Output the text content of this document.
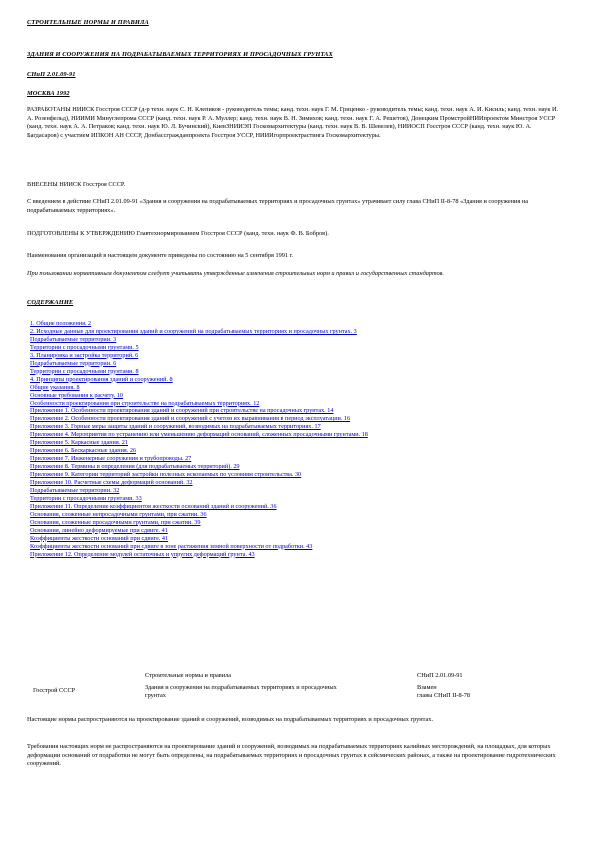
СТРОИТЕЛЬНЫЕ НОРМЫ И ПРАВИЛА
ЗДАНИЯ И СООРУЖЕНИЯ НА ПОДРАБАТЫВАЕМЫХ ТЕРРИТОРИЯХ И ПРОСАДОЧНЫХ ГРУНТАХ
СНиП 2.01.09-91
МОСКВА 1992

РАЗРАБОТАНЫ НИИСК Госстроя СССР (д-р техн. наук С. Н. Клепиков - руководитель темы; канд. техн. наук Г. М. Гриценко - руководитель темы; канд. техн. наук А. И. Кисиль; канд. техн. наук И. А. Розенфельд), НИИМИ Минуглепрома СССР (канд. техн. наук Р. А. Муллер; канд. техн. наук В. Н. Зимихов; канд. техн. наук Г. А. Решетов), Донецким ПромстройНИИпроектом Минстроя УССР (канд. техн. наук А. А. Петраков; канд. техн. наук Ю. Л. Бучинский), КиевЗНИИЭП Госкомархитектуры (канд. техн. наук В. В. Шевелев), НИИОСП Госстроя СССР (канд. техн. наук Ю. А. Багдасаров) с участием ИПКОН АН СССР, Донбассгражданпроекта Госстроя УССР, НИИИгорпроектрастинга Госкомархитектуры.

ВНЕСЕНЫ НИИСК Госстроя СССР.

С введением в действие СНиП 2.01.09-91 «Здания и сооружения на подрабатываемых территориях и просадочных грунтах» утрачивает силу глава СНиП II-8-78 «Здания и сооружения на подрабатываемых территориях».

ПОДГОТОВЛЕНЫ К УТВЕРЖДЕНИЮ Главтехнормированием Госстроя СССР (канд. техн. наук Ф. В. Бобров).

Наименования организаций в настоящем документе приведены по состоянию на 5 сентября 1991 г.

При пользовании нормативным документом следует учитывать утвержденные изменения строительных норм и правил и государственных стандартов.

СОДЕРЖАНИЕ
1. Общие положения. 2
2. Исходные данные для проектирования зданий и сооружений на подрабатываемых территориях и просадочных грунтах. 3
Подрабатываемые территории. 3
Территории с просадочными грунтами. 5
3. Планировка и застройка территорий. 6
Подрабатываемые территории. 6
Территории с просадочными грунтами. 8
4. Принципы проектирования зданий и сооружений. 8
Общие указания. 8
Основные требования к расчету. 10
Особенности проектирования при строительстве на подрабатываемых территориях. 12
Приложение 1. Особенности проектирования зданий и сооружений при строительстве на просадочных грунтах. 14
Приложение 2. Особенности проектирования зданий и сооружений с учетом их выравнивания в период эксплуатации. 16
Приложение 3. Горные меры защиты зданий и сооружений, возводимых на подрабатываемых территориях. 17
Приложение 4. Мероприятия по устранению или уменьшению деформаций оснований, сложенных просадочными грунтами. 18
Приложение 5. Каркасные здания. 21
Приложение 6. Бескаркасные здания. 26
Приложение 7. Инженерные сооружения и трубопроводы. 27
Приложение 8. Термины и определения (для подрабатываемых территорий). 29
Приложение 9. Категории территорий застройки полезных ископаемых по условиям строительства. 30
Приложение 10. Расчетные схемы деформаций оснований. 32
Подрабатываемые территории. 32
Территории с просадочными грунтами. 33
Приложение 11. Определение коэффициентов жесткости оснований зданий и сооружений. 36
Основания, сложенные непросадочными грунтами, при сжатии. 36
Основания, сложенные просадочными грунтами, при сжатии. 39
Основания, линейно деформируемые при сдвиге. 41
Коэффициенты жесткости оснований при сдвиге. 41
Коэффициенты жесткости оснований при сдвиге в зоне растяжения земной поверхности от подработки. 43
Приложение 12. Определение модулей остаточных и упругих деформаций грунта. 43
	Строительные нормы и правила	СНиП 2.01.09-91

Госстрой СССР	Здания и сооружения на подрабатываемых территориях и просадочных грунтах	Взамен
главы СНиП II-8-78

Настоящие нормы распространяются на проектирование зданий и сооружений, возводимых на подрабатываемых территориях и просадочных грунтах.

Требования настоящих норм не распространяются на проектирование зданий и сооружений, возводимых на подрабатываемых территориях калийных месторождений, на площадках, для которых деформации оснований от подработки не могут быть определены, на подрабатываемых территориях и просадочных грунтах в сейсмических районах, а также на проектирование гидротехнических сооружений.
